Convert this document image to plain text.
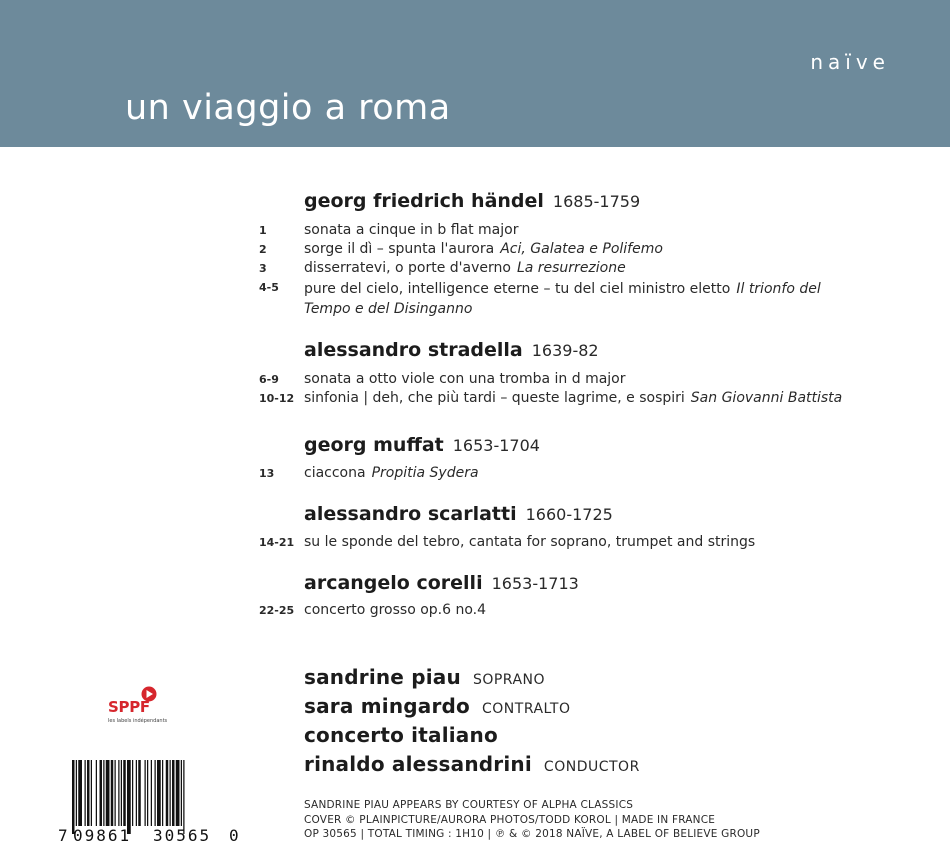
naïve
un viaggio a roma
georg friedrich händel 1685-1759
1	sonata a cinque in b flat major
2	sorge il dì – spunta l'aurora Aci, Galatea e Polifemo
3	disserratevi, o porte d'averno La resurrezione
4-5 pure del cielo, intelligence eterne – tu del ciel ministro eletto Il trionfo del Tempo e del Disinganno
alessandro stradella 1639-82
6-9 sonata a otto viole con una tromba in d major
10-12 sinfonia | deh, che più tardi – queste lagrime, e sospiri San Giovanni Battista
georg muffat 1653-1704
13 ciaccona Propitia Sydera
alessandro scarlatti 1660-1725
14-21 su le sponde del tebro, cantata for soprano, trumpet and strings
arcangelo corelli 1653-1713
22-25 concerto grosso op.6 no.4
sandrine piau SOPRANO
sara mingardo CONTRALTO
concerto italiano
rinaldo alessandrini CONDUCTOR
SANDRINE PIAU APPEARS BY COURTESY OF ALPHA CLASSICS
COVER © PLAINPICTURE/AURORA PHOTOS/TODD KOROL | MADE IN FRANCE
OP 30565 | TOTAL TIMING : 1H10 | ℗ & © 2018 NAÏVE, A LABEL OF BELIEVE GROUP
SPPF
les labels indépendants
7 09861 30565 0
